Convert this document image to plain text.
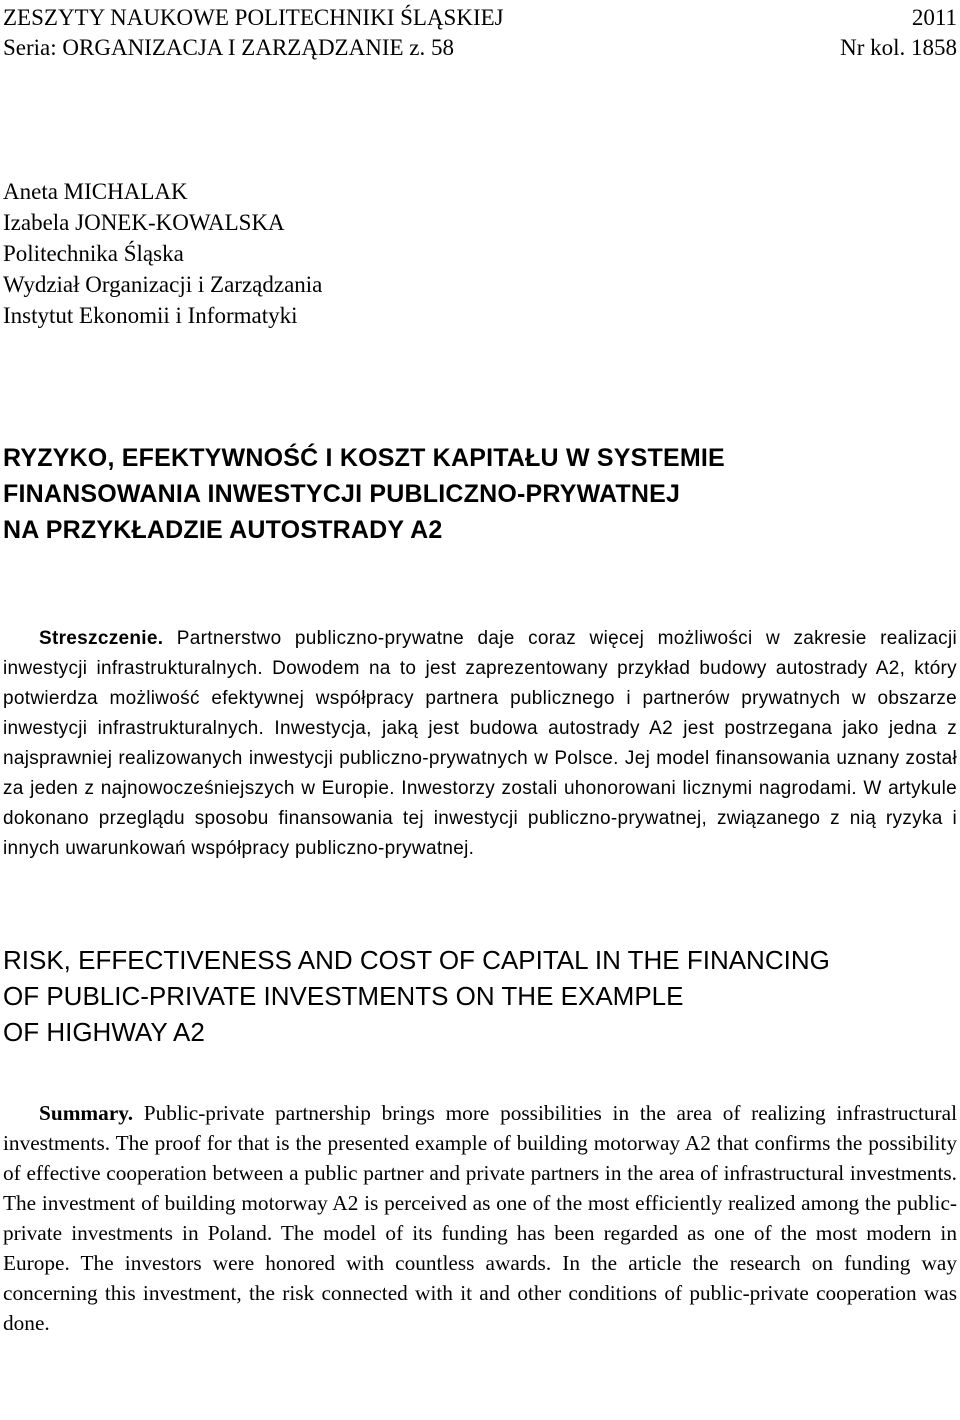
ZESZYTY NAUKOWE POLITECHNIKI ŚLĄSKIEJ	2011
Seria: ORGANIZACJA I ZARZĄDZANIE z. 58	Nr kol. 1858
Aneta MICHALAK
Izabela JONEK-KOWALSKA
Politechnika Śląska
Wydział Organizacji i Zarządzania
Instytut Ekonomii i Informatyki
RYZYKO, EFEKTYWNOŚĆ I KOSZT KAPITAŁU W SYSTEMIE
FINANSOWANIA INWESTYCJI PUBLICZNO-PRYWATNEJ
NA PRZYKŁADZIE AUTOSTRADY A2

Streszczenie. Partnerstwo publiczno-prywatne daje coraz więcej możliwości w zakresie realizacji inwestycji infrastrukturalnych. Dowodem na to jest zaprezentowany przykład budowy autostrady A2, który potwierdza możliwość efektywnej współpracy partnera publicznego i partnerów prywatnych w obszarze inwestycji infrastrukturalnych. Inwestycja, jaką jest budowa autostrady A2 jest postrzegana jako jedna z najsprawniej realizowanych inwestycji publiczno-prywatnych w Polsce. Jej model finansowania uznany został za jeden z najnowocześniejszych w Europie. Inwestorzy zostali uhonorowani licznymi nagrodami. W artykule dokonano przeglądu sposobu finansowania tej inwestycji publiczno-prywatnej, związanego z nią ryzyka i innych uwarunkowań współpracy publiczno-prywatnej.

RISK, EFFECTIVENESS AND COST OF CAPITAL IN THE FINANCING
OF PUBLIC-PRIVATE INVESTMENTS ON THE EXAMPLE
OF HIGHWAY A2

Summary. Public-private partnership brings more possibilities in the area of realizing infrastructural investments. The proof for that is the presented example of building motorway A2 that confirms the possibility of effective cooperation between a public partner and private partners in the area of infrastructural investments. The investment of building motorway A2 is perceived as one of the most efficiently realized among the public-private investments in Poland. The model of its funding has been regarded as one of the most modern in Europe. The investors were honored with countless awards. In the article the research on funding way concerning this investment, the risk connected with it and other conditions of public-private cooperation was done.
